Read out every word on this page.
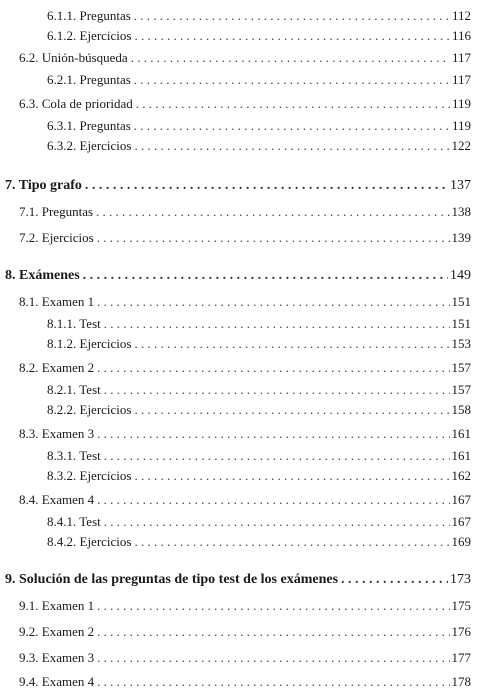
6.1.1. Preguntas . . .	112
6.1.2. Ejercicios . . .	116
6.2. Unión-búsqueda . . .	117
6.2.1. Preguntas . . .	117
6.3. Cola de prioridad . . .	119
6.3.1. Preguntas . . .	119
6.3.2. Ejercicios . . .	122
7. Tipo grafo . . .	137
7.1. Preguntas . . .	138
7.2. Ejercicios . . .	139
8. Exámenes . . .	149
8.1. Examen 1 . . .	151
8.1.1. Test . . .	151
8.1.2. Ejercicios . . .	153
8.2. Examen 2 . . .	157
8.2.1. Test . . .	157
8.2.2. Ejercicios . . .	158
8.3. Examen 3 . . .	161
8.3.1. Test . . .	161
8.3.2. Ejercicios . . .	162
8.4. Examen 4 . . .	167
8.4.1. Test . . .	167
8.4.2. Ejercicios . . .	169
9. Solución de las preguntas de tipo test de los exámenes . . .	173
9.1. Examen 1 . . .	175
9.2. Examen 2 . . .	176
9.3. Examen 3 . . .	177
9.4. Examen 4 . . .	178
